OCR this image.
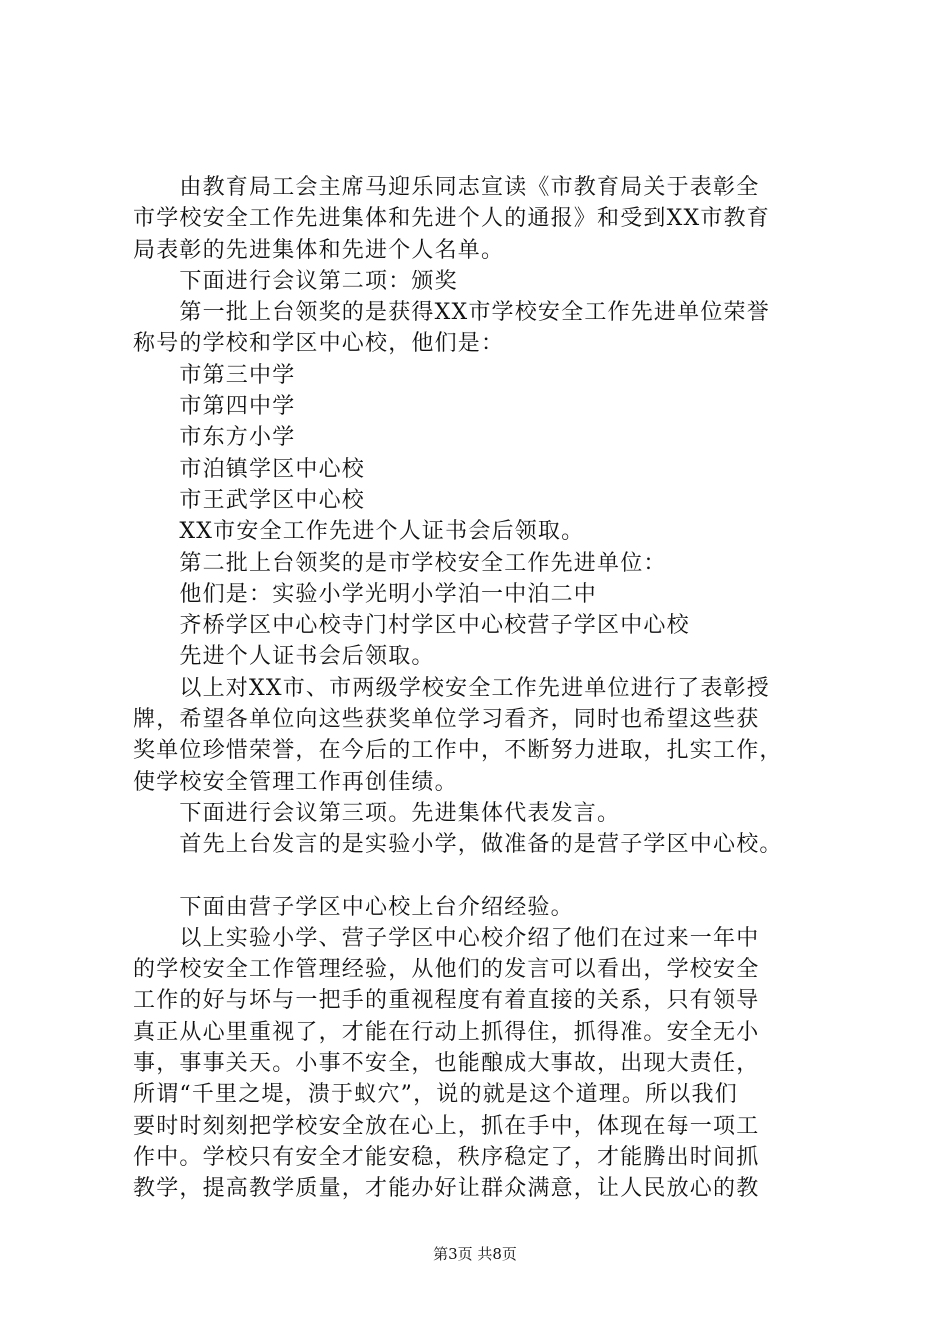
　　由教育局工会主席马迎乐同志宣读《市教育局关于表彰全

市学校安全工作先进集体和先进个人的通报》和受到XX市教育

局表彰的先进集体和先进个人名单。

　　下面进行会议第二项：颁奖

　　第一批上台领奖的是获得XX市学校安全工作先进单位荣誉

称号的学校和学区中心校，他们是：

　　市第三中学

　　市第四中学

　　市东方小学

　　市泊镇学区中心校

　　市王武学区中心校

　　XX市安全工作先进个人证书会后领取。

　　第二批上台领奖的是市学校安全工作先进单位：

　　他们是：实验小学光明小学泊一中泊二中

　　齐桥学区中心校寺门村学区中心校营子学区中心校

　　先进个人证书会后领取。

　　以上对XX市、市两级学校安全工作先进单位进行了表彰授

牌，希望各单位向这些获奖单位学习看齐，同时也希望这些获

奖单位珍惜荣誉，在今后的工作中，不断努力进取，扎实工作，

使学校安全管理工作再创佳绩。

　　下面进行会议第三项。先进集体代表发言。

　　首先上台发言的是实验小学，做准备的是营子学区中心校。

　　下面由营子学区中心校上台介绍经验。

　　以上实验小学、营子学区中心校介绍了他们在过来一年中

的学校安全工作管理经验，从他们的发言可以看出，学校安全

工作的好与坏与一把手的重视程度有着直接的关系，只有领导

真正从心里重视了，才能在行动上抓得住，抓得准。安全无小

事，事事关天。小事不安全，也能酿成大事故，出现大责任，

所谓“千里之堤，溃于蚁穴”，说的就是这个道理。所以我们

要时时刻刻把学校安全放在心上，抓在手中，体现在每一项工

作中。学校只有安全才能安稳，秩序稳定了，才能腾出时间抓

教学，提高教学质量，才能办好让群众满意，让人民放心的教

第3页 共8页
